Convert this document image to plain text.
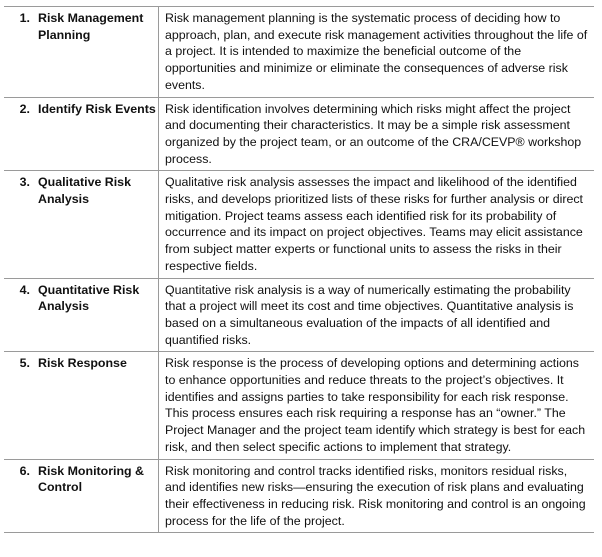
1.	Risk Management Planning	Risk management planning is the systematic process of deciding how to approach, plan, and execute risk management activities throughout the life of a project. It is intended to maximize the beneficial outcome of the opportunities and minimize or eliminate the consequences of adverse risk events.
2.	Identify Risk Events	Risk identification involves determining which risks might affect the project and documenting their characteristics. It may be a simple risk assessment organized by the project team, or an outcome of the CRA/CEVP® workshop process.
3.	Qualitative Risk Analysis	Qualitative risk analysis assesses the impact and likelihood of the identified risks, and develops prioritized lists of these risks for further analysis or direct mitigation. Project teams assess each identified risk for its probability of occurrence and its impact on project objectives. Teams may elicit assistance from subject matter experts or functional units to assess the risks in their respective fields.
4.	Quantitative Risk Analysis	Quantitative risk analysis is a way of numerically estimating the probability that a project will meet its cost and time objectives. Quantitative analysis is based on a simultaneous evaluation of the impacts of all identified and quantified risks.
5.	Risk Response	Risk response is the process of developing options and determining actions to enhance opportunities and reduce threats to the project’s objectives. It identifies and assigns parties to take responsibility for each risk response. This process ensures each risk requiring a response has an “owner.” The Project Manager and the project team identify which strategy is best for each risk, and then select specific actions to implement that strategy.
6.	Risk Monitoring & Control	Risk monitoring and control tracks identified risks, monitors residual risks, and identifies new risks—ensuring the execution of risk plans and evaluating their effectiveness in reducing risk. Risk monitoring and control is an ongoing process for the life of the project.
